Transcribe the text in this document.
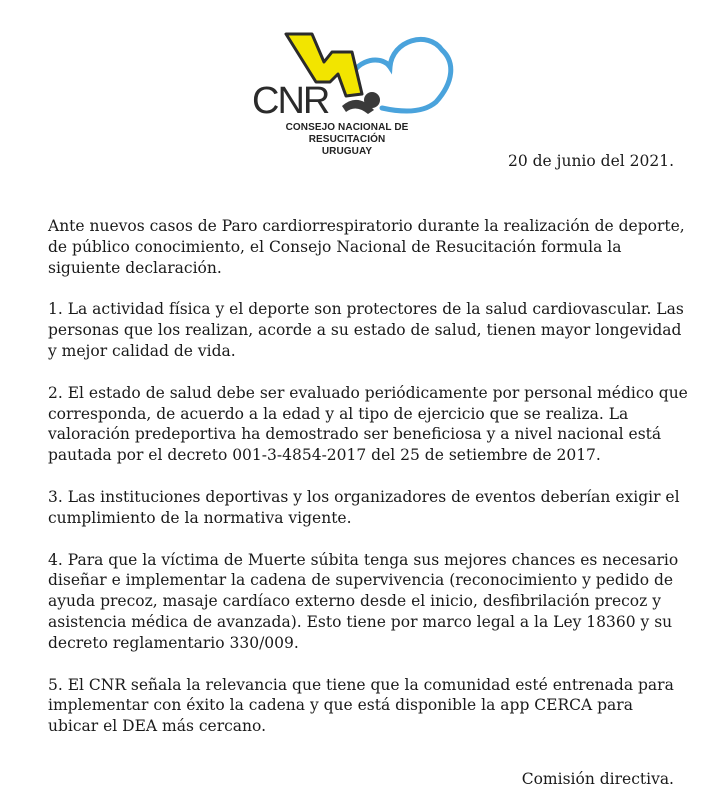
CNR
CONSEJO NACIONAL DE RESUCITACIÓN
URUGUAY
20 de junio del 2021.

Ante nuevos casos de Paro cardiorrespiratorio durante la realización de deporte, de público conocimiento, el Consejo Nacional de Resucitación formula la siguiente declaración.

1. La actividad física y el deporte son protectores de la salud cardiovascular. Las personas que los realizan, acorde a su estado de salud, tienen mayor longevidad y mejor calidad de vida.

2. El estado de salud debe ser evaluado periódicamente por personal médico que corresponda, de acuerdo a la edad y al tipo de ejercicio que se realiza. La valoración predeportiva ha demostrado ser beneficiosa y a nivel nacional está pautada por el decreto 001-3-4854-2017 del 25 de setiembre de 2017.

3. Las instituciones deportivas y los organizadores de eventos deberían exigir el cumplimiento de la normativa vigente.

4. Para que la víctima de Muerte súbita tenga sus mejores chances es necesario diseñar e implementar la cadena de supervivencia (reconocimiento y pedido de ayuda precoz, masaje cardíaco externo desde el inicio, desfibrilación precoz y asistencia médica de avanzada). Esto tiene por marco legal a la Ley 18360 y su decreto reglamentario 330/009.

5. El CNR señala la relevancia que tiene que la comunidad esté entrenada para implementar con éxito la cadena y que está disponible la app CERCA para ubicar el DEA más cercano.

Comisión directiva.
